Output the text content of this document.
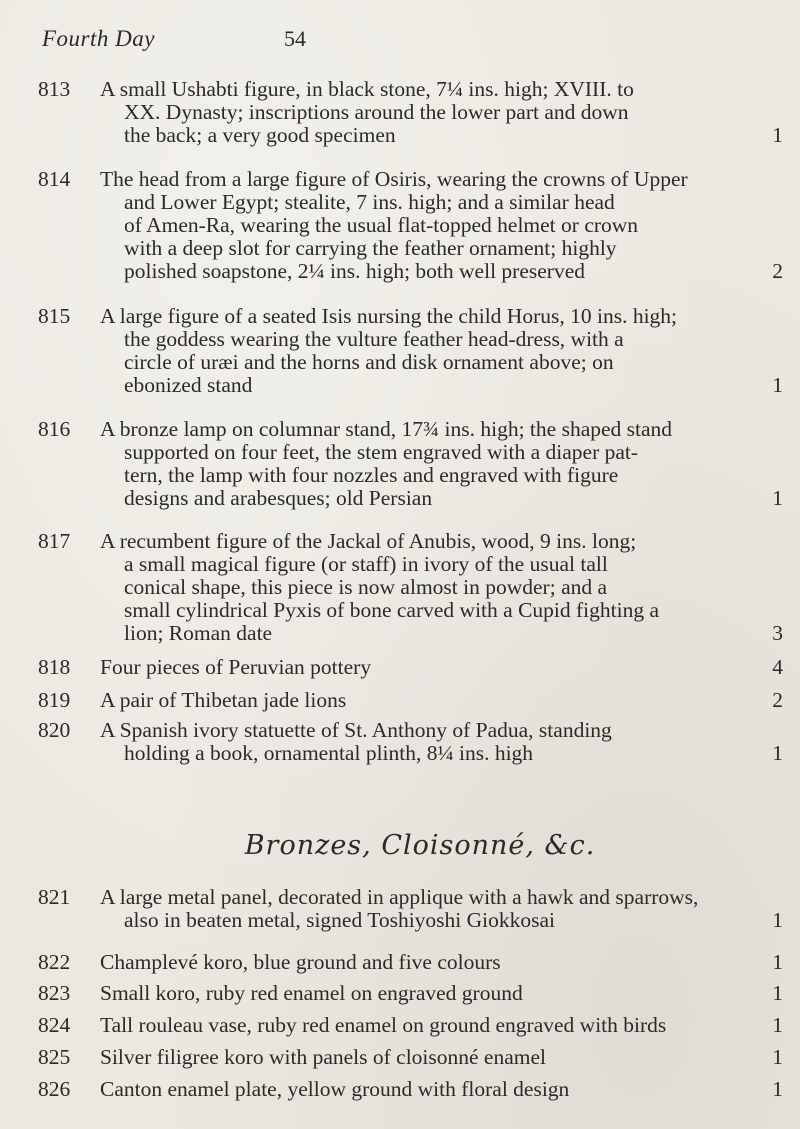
Fourth Day	54
813	A small Ushabti figure, in black stone, 7¼ ins. high; XVIII. to
XX. Dynasty; inscriptions around the lower part and down
the back; a very good specimen	1
814	The head from a large figure of Osiris, wearing the crowns of Upper
and Lower Egypt; stealite, 7 ins. high; and a similar head
of Amen-Ra, wearing the usual flat-topped helmet or crown
with a deep slot for carrying the feather ornament; highly
polished soapstone, 2¼ ins. high; both well preserved	2
815	A large figure of a seated Isis nursing the child Horus, 10 ins. high;
the goddess wearing the vulture feather head-dress, with a
circle of uræi and the horns and disk ornament above; on
ebonized stand	1
816	A bronze lamp on columnar stand, 17¾ ins. high; the shaped stand
supported on four feet, the stem engraved with a diaper pat-
tern, the lamp with four nozzles and engraved with figure
designs and arabesques; old Persian	1
817	A recumbent figure of the Jackal of Anubis, wood, 9 ins. long;
a small magical figure (or staff) in ivory of the usual tall
conical shape, this piece is now almost in powder; and a
small cylindrical Pyxis of bone carved with a Cupid fighting a
lion; Roman date	3
818	Four pieces of Peruvian pottery	4
819	A pair of Thibetan jade lions	2
820	A Spanish ivory statuette of St. Anthony of Padua, standing
holding a book, ornamental plinth, 8¼ ins. high	1
Bronzes, Cloisonné, &c.
821	A large metal panel, decorated in applique with a hawk and sparrows,
also in beaten metal, signed Toshiyoshi Giokkosai	1
822	Champlevé koro, blue ground and five colours	1
823	Small koro, ruby red enamel on engraved ground	1
824	Tall rouleau vase, ruby red enamel on ground engraved with birds	1
825	Silver filigree koro with panels of cloisonné enamel	1
826	Canton enamel plate, yellow ground with floral design	1
